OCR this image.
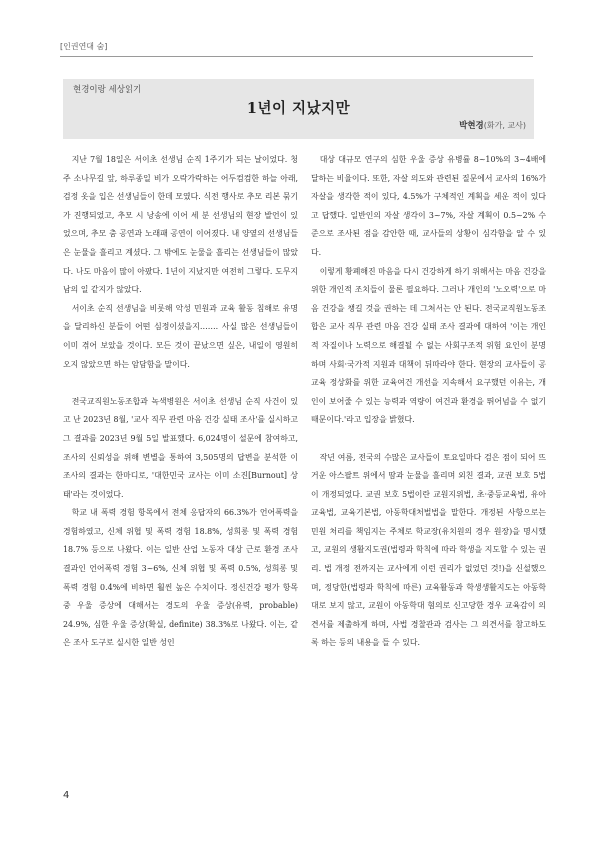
[인권연대 숨]
현경이랑 세상읽기
1년이 지났지만
박현경(화가, 교사)

지난 7월 18일은 서이초 선생님 순직 1주기가 되는 날이었다. 청주 소나무길 앞, 하루종일 비가 오락가락하는 어두컴컴한 하늘 아래, 검정 옷을 입은 선생님들이 한데 모였다. 식전 행사로 추모 리본 묶기가 진행되었고, 추모 시 낭송에 이어 세 분 선생님의 현장 발언이 있었으며, 추모 춤 공연과 노래패 공연이 이어졌다. 내 양옆의 선생님들은 눈물을 흘리고 계셨다. 그 밖에도 눈물을 흘리는 선생님들이 많았다. 나도 마음이 많이 아팠다. 1년이 지났지만 여전히 그렇다. 도무지 남의 일 같지가 않았다.

서이초 순직 선생님을 비롯해 악성 민원과 교육 활동 침해로 유명을 달리하신 분들이 어떤 심정이셨을지……. 사실 많은 선생님들이 이미 겪어 보았을 것이다. 모든 것이 끝났으면 싶은, 내일이 영원히 오지 않았으면 하는 암담함을 말이다.

전국교직원노동조합과 녹색병원은 서이초 선생님 순직 사건이 있고 난 2023년 8월, '교사 직무 관련 마음 건강 실태 조사'를 실시하고 그 결과를 2023년 9월 5일 발표했다. 6,024명이 설문에 참여하고, 조사의 신뢰성을 위해 변별을 통하여 3,505명의 답변을 분석한 이 조사의 결과는 한마디로, '대한민국 교사는 이미 소진[Burnout] 상태'라는 것이었다.

학교 내 폭력 경험 항목에서 전체 응답자의 66.3%가 언어폭력을 경험하였고, 신체 위협 및 폭력 경험 18.8%, 성희롱 및 폭력 경험 18.7% 등으로 나왔다. 이는 일반 산업 노동자 대상 근로 환경 조사 결과인 언어폭력 경험 3~6%, 신체 위협 및 폭력 0.5%, 성희롱 및 폭력 경험 0.4%에 비하면 훨씬 높은 수치이다. 정신건강 평가 항목 중 우울 증상에 대해서는 경도의 우울 증상(유력, probable) 24.9%, 심한 우울 증상(확실, definite) 38.3%로 나왔다. 이는, 같은 조사 도구로 실시한 일반 성인

대상 대규모 연구의 심한 우울 증상 유병률 8~10%의 3~4배에 달하는 비율이다. 또한, 자살 의도와 관련된 질문에서 교사의 16%가 자살을 생각한 적이 있다, 4.5%가 구체적인 계획을 세운 적이 있다고 답했다. 일반인의 자살 생각이 3~7%, 자살 계획이 0.5~2% 수준으로 조사된 점을 감안한 때, 교사들의 상황이 심각함을 알 수 있다.

이렇게 황폐해진 마음을 다시 건강하게 하기 위해서는 마음 건강을 위한 개인적 조치들이 물론 필요하다. 그러나 개인의 '노오력'으로 마음 건강을 챙길 것을 권하는 데 그쳐서는 안 된다. 전국교직원노동조합은 교사 직무 관련 마음 건강 실태 조사 결과에 대하여 '이는 개인적 자질이나 노력으로 해결될 수 없는 사회구조적 위험 요인이 분명하며 사회·국가적 지원과 대책이 뒤따라야 한다. 현장의 교사들이 공교육 정상화를 위한 교육여건 개선을 지속해서 요구했던 이유는, 개인이 보어줄 수 있는 능력과 역량이 여건과 환경을 뛰어넘을 수 없기 때문이다.'라고 입장을 밝혔다.

작년 여름, 전국의 수많은 교사들이 토요일마다 검은 점이 되어 뜨거운 아스팔트 위에서 땀과 눈물을 흘리며 외친 결과, 교권 보호 5법이 개정되었다. 교권 보호 5법이란 교원지위법, 초·중등교육법, 유아교육법, 교육기본법, 아동학대처벌법을 말한다. 개정된 사항으로는 민원 처리를 책임지는 주체로 학교장(유치원의 경우 원장)을 명시했고, 교원의 생활지도권(법령과 학칙에 따라 학생을 지도할 수 있는 권리. 법 개정 전까지는 교사에게 이런 권리가 없었던 것!)을 신설했으며, 정당한(법령과 학칙에 따른) 교육활동과 학생생활지도는 아동학대로 보지 않고, 교원이 아동학대 혐의로 신고당한 경우 교육감이 의견서를 제출하게 하며, 사법 경찰관과 검사는 그 의견서를 참고하도록 하는 등의 내용을 들 수 있다.

4
